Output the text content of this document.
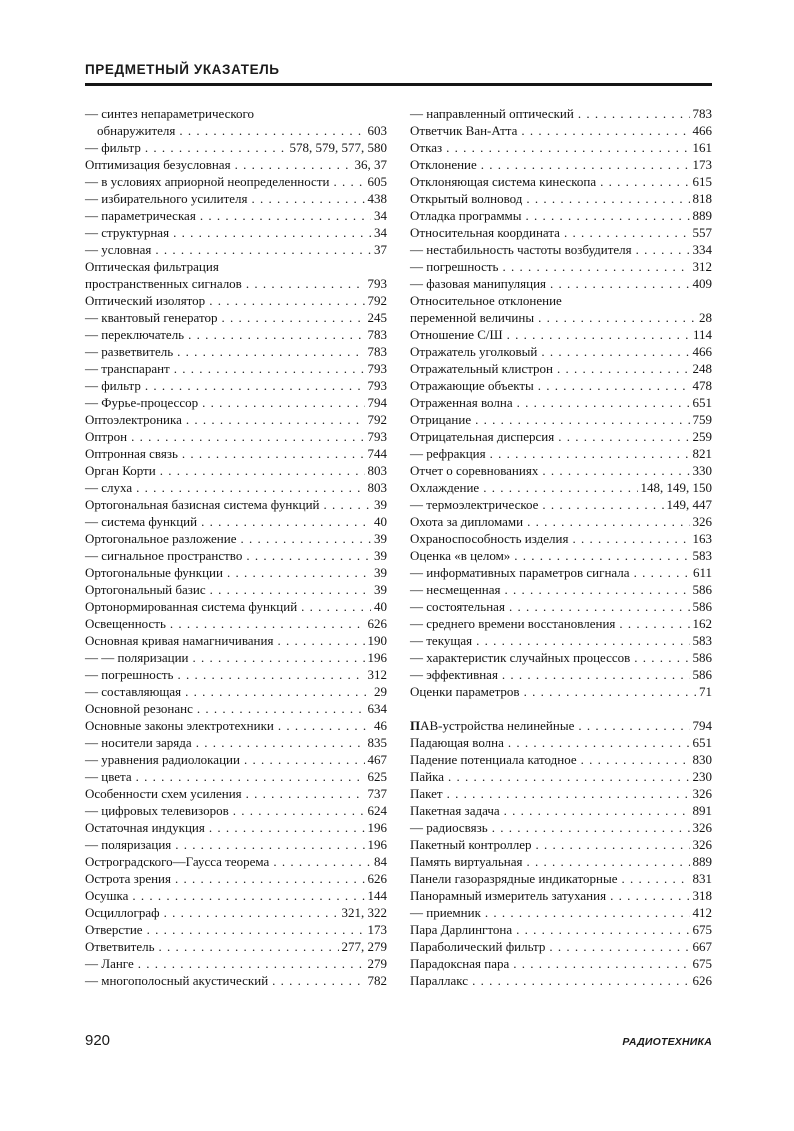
ПРЕДМЕТНЫЙ УКАЗАТЕЛЬ
— синтез непараметрического
обнаружителя . . .	603
— фильтр . . .	578, 579, 577, 580
Оптимизация безусловная . . .	36, 37
— в условиях априорной неопределенности . . .	605
— избирательного усилителя . . .	438
— параметрическая . . .	34
— структурная . . .	34
— условная . . .	37
Оптическая фильтрация
пространственных сигналов . . .	793
Оптический изолятор . . .	792
— квантовый генератор . . .	245
— переключатель . . .	783
— разветвитель . . .	783
— транспарант . . .	793
— фильтр . . .	793
— Фурье-процессор . . .	794
Оптоэлектроника . . .	792
Оптрон . . .	793
Оптронная связь . . .	744
Орган Корти . . .	803
— слуха . . .	803
Ортогональная базисная система функций . . .	39
— система функций . . .	40
Ортогональное разложение . . .	39
— сигнальное пространство . . .	39
Ортогональные функции . . .	39
Ортогональный базис . . .	39
Ортонормированная система функций . . .	40
Освещенность . . .	626
Основная кривая намагничивания . . .	190
— — поляризации . . .	196
— погрешность . . .	312
— составляющая . . .	29
Основной резонанс . . .	634
Основные законы электротехники . . .	46
— носители заряда . . .	835
— уравнения радиолокации . . .	467
— цвета . . .	625
Особенности схем усиления . . .	737
— цифровых телевизоров . . .	624
Остаточная индукция . . .	196
— поляризация . . .	196
Остроградского—Гаусса теорема . . .	84
Острота зрения . . .	626
Осушка . . .	144
Осциллограф . . .	321, 322
Отверстие . . .	173
Ответвитель . . .	277, 279
— Ланге . . .	279
— многополосный акустический . . .	782
— направленный оптический . . .	783
Ответчик Ван-Атта . . .	466
Отказ . . .	161
Отклонение . . .	173
Отклоняющая система кинескопа . . .	615
Открытый волновод . . .	818
Отладка программы . . .	889
Относительная координата . . .	557
— нестабильность частоты возбудителя . . .	334
— погрешность . . .	312
— фазовая манипуляция . . .	409
Относительное отклонение
переменной величины . . .	28
Отношение С/Ш . . .	114
Отражатель уголковый . . .	466
Отражательный клистрон . . .	248
Отражающие объекты . . .	478
Отраженная волна . . .	651
Отрицание . . .	759
Отрицательная дисперсия . . .	259
— рефракция . . .	821
Отчет о соревнованиях . . .	330
Охлаждение . . .	148, 149, 150
— термоэлектрическое . . .	149, 447
Охота за дипломами . . .	326
Охраноспособность изделия . . .	163
Оценка «в целом» . . .	583
— информативных параметров сигнала . . .	611
— несмещенная . . .	586
— состоятельная . . .	586
— среднего времени восстановления . . .	162
— текущая . . .	583
— характеристик случайных процессов . . .	586
— эффективная . . .	586
Оценки параметров . . .	71
ПАВ-устройства нелинейные . . .	794
Падающая волна . . .	651
Падение потенциала катодное . . .	830
Пайка . . .	230
Пакет . . .	326
Пакетная задача . . .	891
— радиосвязь . . .	326
Пакетный контроллер . . .	326
Память виртуальная . . .	889
Панели газоразрядные индикаторные . . .	831
Панорамный измеритель затухания . . .	318
— приемник . . .	412
Пара Дарлингтона . . .	675
Параболический фильтр . . .	667
Парадоксная пара . . .	675
Параллакс . . .	626
920	РАДИОТЕХНИКА
